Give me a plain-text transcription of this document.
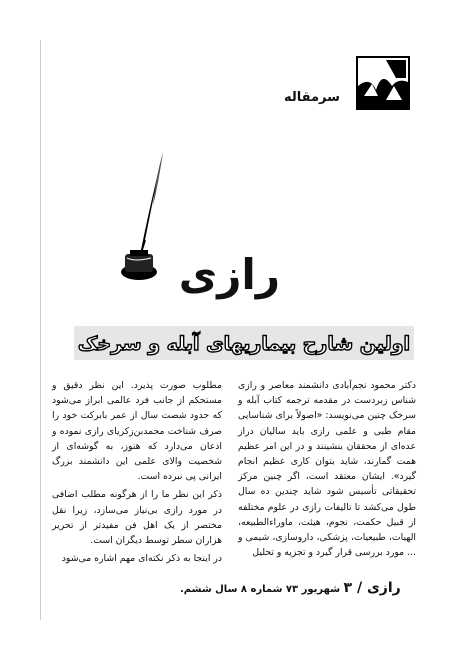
سرمقاله
رازی
اولین شارح بیماریهای آبله و سرخک

دکتر محمود نجم‌آبادی دانشمند معاصر و رازی شناس زبردست در مقدمه ترجمه کتاب آبله و سرخک چنین می‌نویسد: «اصولاً برای شناسایی مقام طبی و علمی رازی باید سالیان دراز عده‌ای از محققان بنشینند و در این امر عظیم همت گمارند، شاید بتوان کاری عظیم انجام گیرد». ایشان معتقد است، اگر چنین مرکز تحقیقاتی تأسیس شود شاید چندین ده سال طول می‌کشد تا تالیفات رازی در علوم مختلفه از قبیل حکمت، نجوم، هیئت، ماوراءالطبیعه، الهیات، طبیعیات، پزشکی، داروسازی، شیمی و ... مورد بررسی قرار گیرد و تجزیه و تحلیل

مطلوب صورت پذیرد. این نظر دقیق و مستحکم از جانب فرد عالمی ابراز می‌شود که حدود شصت سال از عمر بابرکت خود را صرف شناخت محمدبن‌زکریای رازی نموده و اذعان می‌دارد که هنوز، به گوشه‌ای از شخصیت والای علمی این دانشمند بزرگ ایرانی پی نبرده است.

ذکر این نظر ما را از هرگونه مطلب اضافی در مورد رازی بی‌نیاز می‌سازد، زیرا نقل مختصر از یک اهل فن مفیدتر از تحریر هزاران سطر توسط دیگران است.

در اینجا به ذکر نکته‌ای مهم اشاره می‌شود

رازی / ۳ شهریور ۷۳ شماره ۸ سال ششم.
